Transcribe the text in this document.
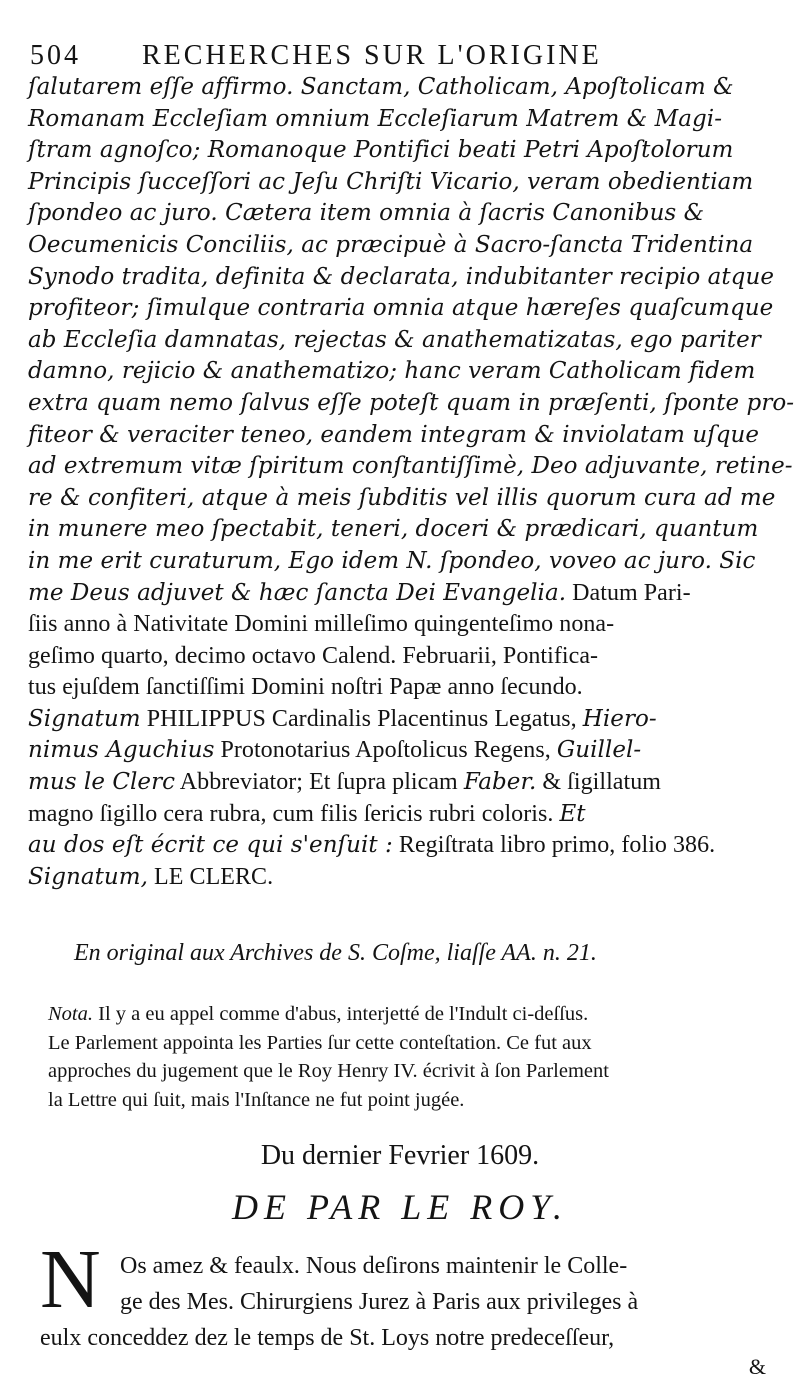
504 RECHERCHES SUR L'ORIGINE
ſalutarem eſſe affirmo. Sanctam, Catholicam, Apoſtolicam &
Romanam Eccleſiam omnium Eccleſiarum Matrem & Magi-
ſtram agnoſco; Romanoque Pontifici beati Petri Apoſtolorum
Principis ſucceſſori ac Jeſu Chriſti Vicario, veram obedientiam
ſpondeo ac juro. Cætera item omnia à ſacris Canonibus &
Oecumenicis Conciliis, ac præcipuè à Sacro-ſancta Tridentina
Synodo tradita, definita & declarata, indubitanter recipio atque
profiteor; ſimulque contraria omnia atque hæreſes quaſcumque
ab Eccleſia damnatas, rejectas & anathematizatas, ego pariter
damno, rejicio & anathematizo; hanc veram Catholicam fidem
extra quam nemo ſalvus eſſe poteſt quam in præſenti, ſponte pro-
fiteor & veraciter teneo, eandem integram & inviolatam uſque
ad extremum vitæ ſpiritum conſtantiſſimè, Deo adjuvante, retine-
re & confiteri, atque à meis ſubditis vel illis quorum cura ad me
in munere meo ſpectabit, teneri, doceri & prædicari, quantum
in me erit curaturum, Ego idem N. ſpondeo, voveo ac juro. Sic
me Deus adjuvet & hæc ſancta Dei Evangelia. Datum Pari-
ſiis anno à Nativitate Domini milleſimo quingenteſimo nona-
geſimo quarto, decimo octavo Calend. Februarii, Pontifica-
tus ejuſdem ſanctiſſimi Domini noſtri Papæ anno ſecundo.
Signatum PHILIPPUS Cardinalis Placentinus Legatus, Hiero-
nimus Aguchius Protonotarius Apoſtolicus Regens, Guillel-
mus le Clerc Abbreviator; Et ſupra plicam Faber. & ſigillatum
magno ſigillo cera rubra, cum filis ſericis rubri coloris. Et
au dos eſt écrit ce qui s'enſuit : Regiſtrata libro primo, folio 386.
Signatum, LE CLERC.
En original aux Archives de S. Coſme, liaſſe AA. n. 21.
Nota. Il y a eu appel comme d'abus, interjetté de l'Indult ci-deſſus.
Le Parlement appointa les Parties ſur cette conteſtation. Ce fut aux
approches du jugement que le Roy Henry IV. écrivit à ſon Parlement
la Lettre qui ſuit, mais l'Inſtance ne fut point jugée.
Du dernier Fevrier 1609.
DE PAR LE ROY.
N Os amez & feaulx. Nous deſirons maintenir le Colle-
ge des Mes. Chirurgiens Jurez à Paris aux privileges à
eulx conceddez dez le temps de St. Loys notre predeceſſeur,
&
